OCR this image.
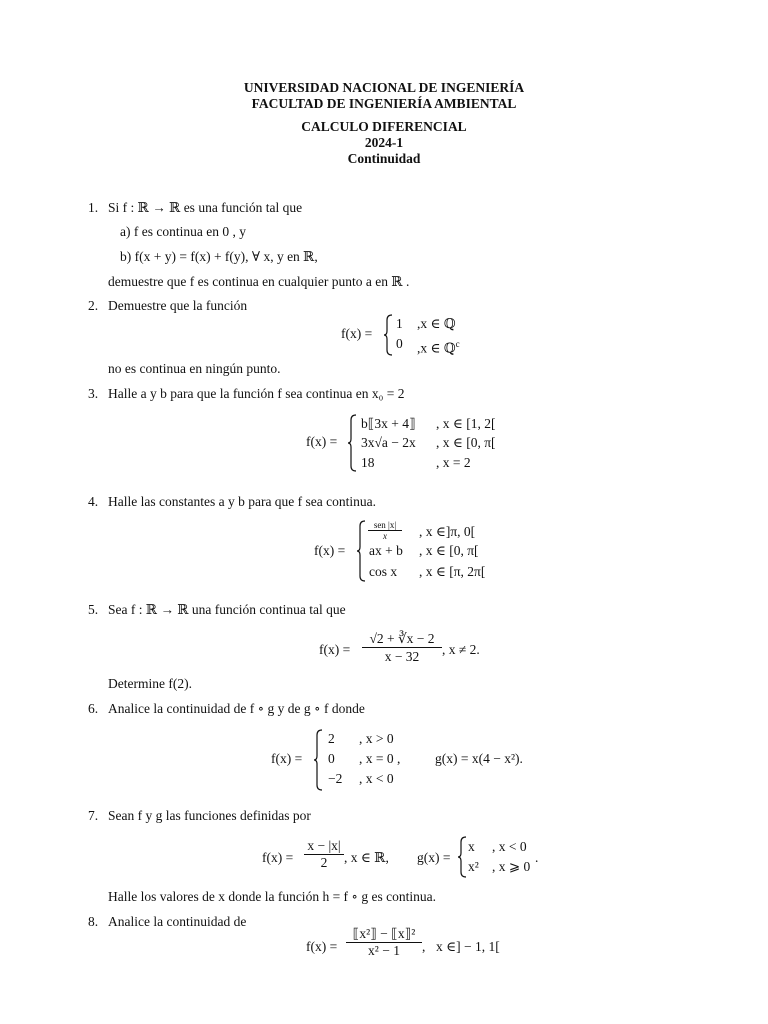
UNIVERSIDAD NACIONAL DE INGENIERÍA
FACULTAD DE INGENIERÍA AMBIENTAL
CALCULO DIFERENCIAL
2024-1
Continuidad
1. Si f : ℝ → ℝ es una función tal que
a) f es continua en 0 , y
b) f(x + y) = f(x) + f(y), ∀ x, y en ℝ,
demuestre que f es continua en cualquier punto a en ℝ .
2. Demuestre que la función
f(x) =
1 ,x ∈ ℚ
0 ,x ∈ ℚ$^c$
no es continua en ningún punto.
3. Halle a y b para que la función f sea continua en x₀ = 2
f(x) =
b⟦3x + 4⟧ , x ∈ [1, 2[
3x√a − 2x , x ∈ [0, π[
18	, x = 2
4. Halle las constantes a y b para que f sea continua.
f(x) =
sen |x|
x	, x ∈]π, 0[
ax + b , x ∈ [0, π[
cos x , x ∈ [π, 2π[
5. Sea f : ℝ → ℝ una función continua tal que
$f(x) = \frac{√2 + ∛x - 2}{x - 32}$ , x ≠ 2.
Determine f(2).
6. Analice la continuidad de f ∘ g y de g ∘ f donde
f(x) =
2 , x > 0
0 , x = 0 ,
−2 , x < 0
g(x) = x(4 − x²).
7. Sean f y g las funciones definidas por
$f(x) = \frac{x - |x|}{2}$ , x ∈ ℝ, g(x) =
x , x < 0
x² , x ⩾ 0
.
Halle los valores de x donde la función h = f ∘ g es continua.
8. Analice la continuidad de
$f(x) = \frac{\text{⟦x²⟧ − ⟦x⟧²}}{\text{x² − 1}}$ , x ∈] − 1, 1[
